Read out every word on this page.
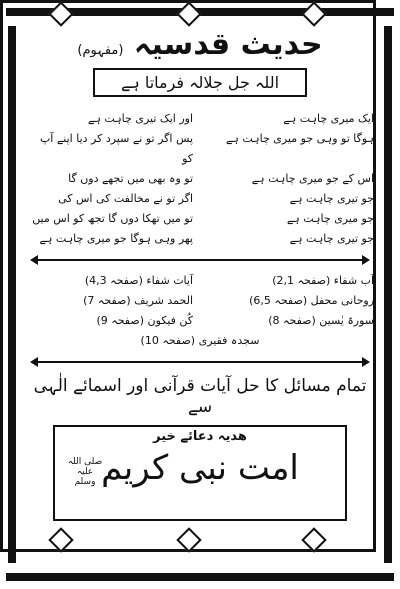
حدیث قدسیہ (مفہوم)
اللہ جل جلالہ فرماتا ہے
ایک میری چاہت ہے
اور ایک تیری چاہت ہے
ہوگا تو وہی جو میری چاہت ہے
پس اگر تو نے سپرد کر دیا اپنے آپ کو
اس کے جو میری چاہت ہے
تو وہ بھی میں تجھے دوں گا
جو تیری چاہت ہے
اگر تو نے مخالفت کی اس کی
جو میری چاہت ہے
تو میں تھکا دوں گا تجھ کو اس میں
جو تیری چاہت ہے
پھر وہی ہوگا جو میری چاہت ہے
آب شفاء (صفحہ 2,1)
آیات شفاء (صفحہ 4,3)
روحانی محفل (صفحہ 6,5)
الحمد شریف (صفحہ 7)
سورۃ یٰسین (صفحہ 8)
کُن فیکون (صفحہ 9)
سجدہ فقیری (صفحہ 10)
تمام مسائل کا حل آیات قرآنی اور اسمائے الٰہی سے
ھدیہ دعائے خیر
امت نبی کریم
صلی اللہ علیہ وسلم
